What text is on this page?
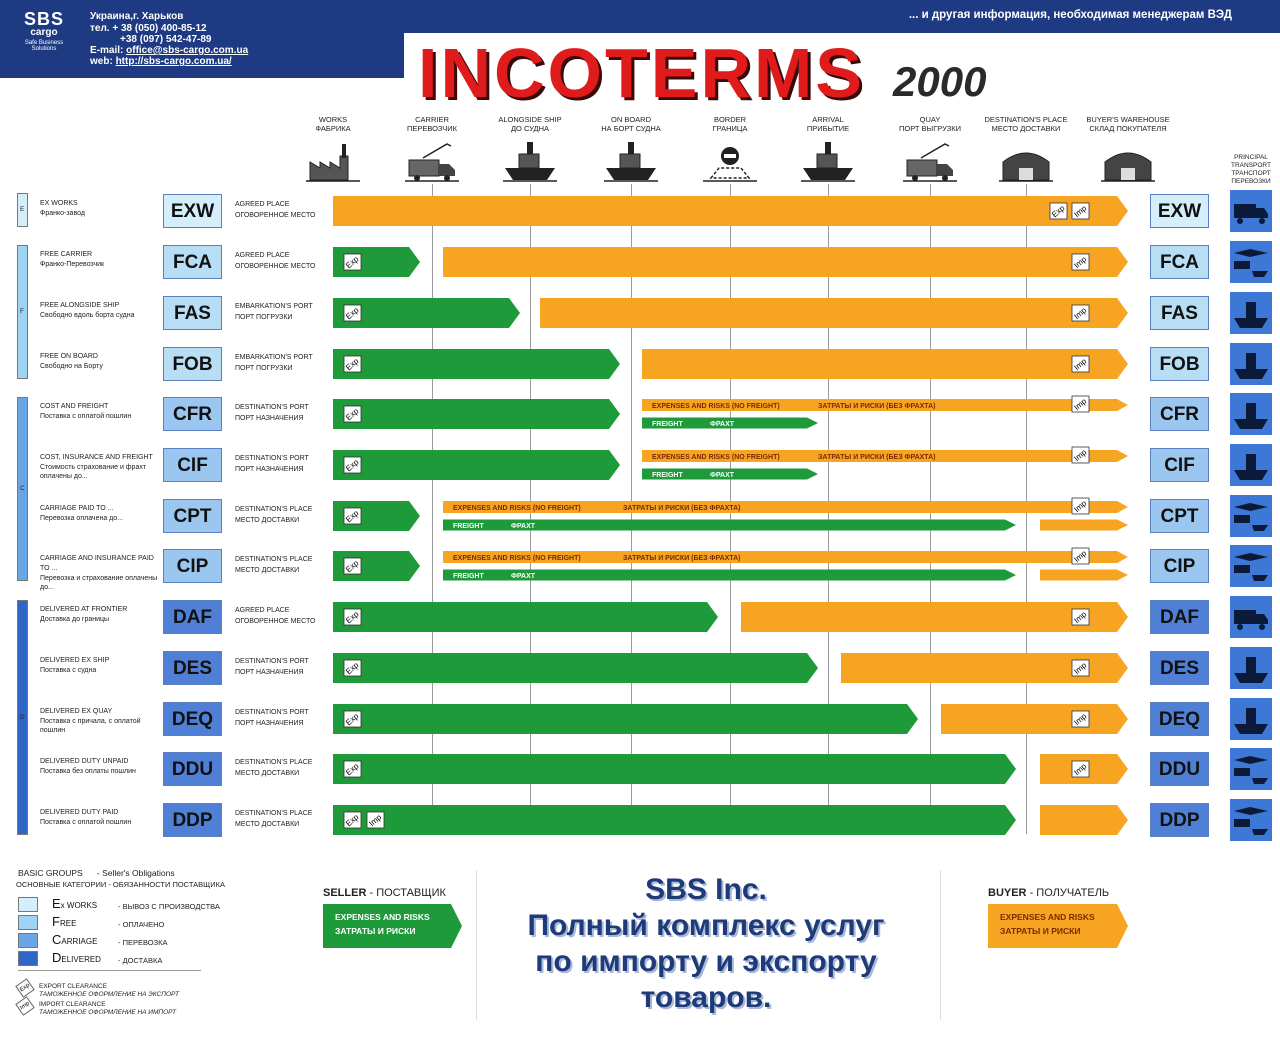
SBS
cargo
Safe Business Solutions
Украина,г. Харьков
тел. + 38 (050) 400-85-12
+38 (097) 542-47-89
E-mail: office@sbs-cargo.com.ua
web: http://sbs-cargo.com.ua/
... и другая информация, необходимая менеджерам ВЭД
INCOTERMS 2000
WORKS
ФАБРИКА
CARRIER
ПЕРЕВОЗЧИК
ALONGSIDE SHIP
ДО СУДНА
ON BOARD
НА БОРТ СУДНА
BORDER
ГРАНИЦА
ARRIVAL
ПРИБЫТИЕ
QUAY
ПОРТ ВЫГРУЗКИ
DESTINATION'S PLACE
МЕСТО ДОСТАВКИ
BUYER'S WAREHOUSE
СКЛАД ПОКУПАТЕЛЯ
PRINCIPAL
TRANSPORT
ТРАНСПОРТ
ПЕРЕВОЗКИ
E
F
C
D
EX WORKS
Франко-завод	EXW	AGREED PLACE
ОГОВОРЕННОЕ МЕСТО	EXW
FREE CARRIER
Франко-Перевозчик	FCA	AGREED PLACE
ОГОВОРЕННОЕ МЕСТО	FCA
FREE ALONGSIDE SHIP
Свободно вдоль борта судна	FAS	EMBARKATION'S PORT
ПОРТ ПОГРУЗКИ	FAS
FREE ON BOARD
Свободно на Борту	FOB	EMBARKATION'S PORT
ПОРТ ПОГРУЗКИ	FOB
COST AND FREIGHT
Поставка с оплатой пошлин	CFR	DESTINATION'S PORT
ПОРТ НАЗНАЧЕНИЯ	CFR
COST, INSURANCE AND FREIGHT
Стоимость страхование и фрахт оплачены до...
CIF	DESTINATION'S PORT
ПОРТ НАЗНАЧЕНИЯ	CIF
CARRIAGE PAID TO ...
Перевозка оплачена до...	CPT	DESTINATION'S PLACE
МЕСТО ДОСТАВКИ	CPT
CARRIAGE AND INSURANCE PAID TO ...
Перевозка и страхование оплачены до...
CIP	DESTINATION'S PLACE
МЕСТО ДОСТАВКИ	CIP
DELIVERED AT FRONTIER
Доставка до границы	DAF	AGREED PLACE
ОГОВОРЕННОЕ МЕСТО	DAF
DELIVERED EX SHIP
Поставка с судна	DES	DESTINATION'S PORT
ПОРТ НАЗНАЧЕНИЯ	DES
DELIVERED EX QUAY
Поставка с причала, с оплатой пошлин
DEQ	DESTINATION'S PORT
ПОРТ НАЗНАЧЕНИЯ	DEQ
DELIVERED DUTY UNPAID
Поставка без оплаты пошлин	DDU	DESTINATION'S PLACE
МЕСТО ДОСТАВКИ	DDU
DELIVERED DUTY PAID
Поставка с оплатой пошлин	DDP	DESTINATION'S PLACE
МЕСТО ДОСТАВКИ	DDP
Exp Imp
Exp	Imp
Exp	Imp
Exp	Imp
Exp
EXPENSES AND RISKS (NO FREIGHT)	ЗАТРАТЫ И РИСКИ (БЕЗ ФРАХТА)	Imp
FREIGHT	ФРАХТ
Exp
EXPENSES AND RISKS (NO FREIGHT)	ЗАТРАТЫ И РИСКИ (БЕЗ ФРАХТА)	Imp
FREIGHT	ФРАХТ
Exp
EXPENSES AND RISKS (NO FREIGHT)	ЗАТРАТЫ И РИСКИ (БЕЗ ФРАХТА)	Imp
FREIGHT	ФРАХТ
Exp
EXPENSES AND RISKS (NO FREIGHT)	ЗАТРАТЫ И РИСКИ (БЕЗ ФРАХТА)	Imp
FREIGHT	ФРАХТ
Exp	Imp
Exp	Imp
Exp	Imp
Exp	Imp
Exp Imp
EXPENSES AND RISKS
ЗАТРАТЫ И РИСКИ
EXPENSES AND RISKS
ЗАТРАТЫ И РИСКИ
BASIC GROUPS - Seller's Obligations
ОСНОВНЫЕ КАТЕГОРИИ - ОБЯЗАННОСТИ ПОСТАВЩИКА
Ex WORKS	- ВЫВОЗ С ПРОИЗВОДСТВА
FREE	- ОПЛАЧЕНО
CARRIAGE	- ПЕРЕВОЗКА
DELIVERED - ДОСТАВКА
Exp	EXPORT CLEARANCE
ТАМОЖЕННОЕ ОФОРМЛЕНИЕ НА ЭКСПОРТ
Imp	IMPORT CLEARANCE
ТАМОЖЕННОЕ ОФОРМЛЕНИЕ НА ИМПОРТ
SELLER - ПОСТАВЩИК	BUYER - ПОЛУЧАТЕЛЬ
SBS Inc.
Полный комплекс услуг
по импорту и экспорту
товаров.
